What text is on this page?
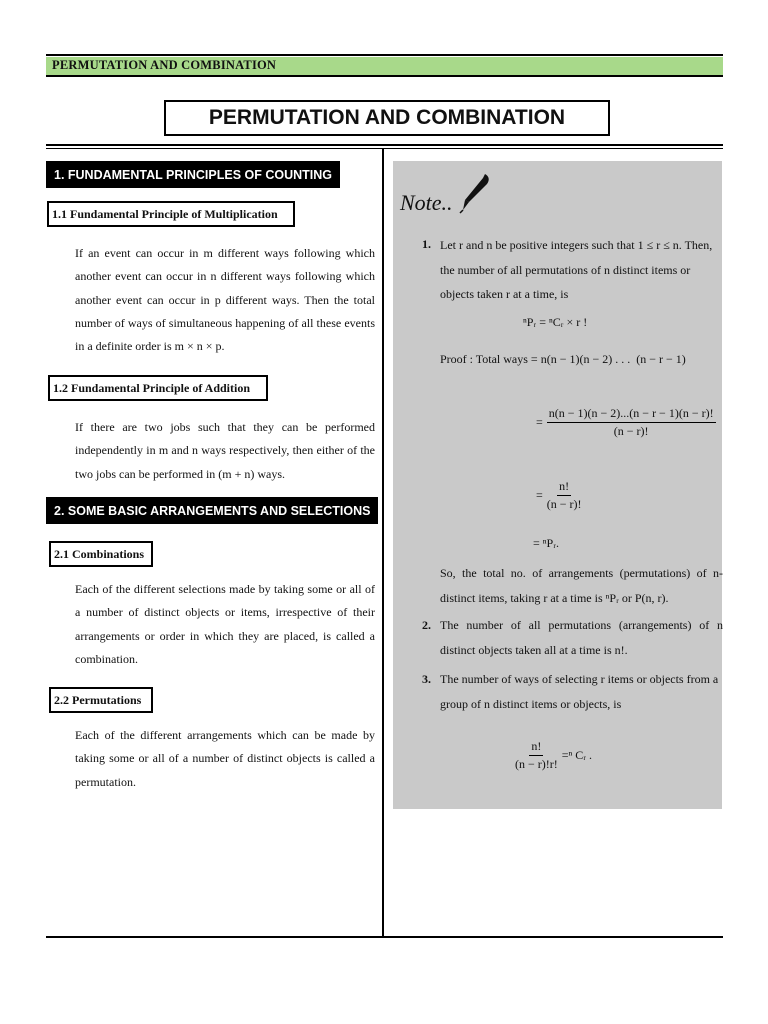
PERMUTATION AND COMBINATION
PERMUTATION AND COMBINATION
1. FUNDAMENTAL PRINCIPLES OF COUNTING
1.1 Fundamental Principle of Multiplication
If an event can occur in m different ways following which another event can occur in n different ways following which another event can occur in p different ways. Then the total number of ways of simultaneous happening of all these events in a definite order is m × n × p.
1.2 Fundamental Principle of Addition
If there are two jobs such that they can be performed independently in m and n ways respectively, then either of the two jobs can be performed in (m + n) ways.
2. SOME BASIC ARRANGEMENTS AND SELECTIONS
2.1 Combinations
Each of the different selections made by taking some or all of a number of distinct objects or items, irrespective of their arrangements or order in which they are placed, is called a combination.
2.2 Permutations
Each of the different arrangements which can be made by taking some or all of a number of distinct objects is called a permutation.
Note..
1. Let r and n be positive integers such that 1 ≤ r ≤ n. Then, the number of all permutations of n distinct items or objects taken r at a time, is
ⁿPᵣ = ⁿCᵣ × r !
Proof : Total ways = n(n − 1)(n − 2) . . . (n − r − 1)
= $\frac{n(n - 1)(n - 2)...(n - r - 1)(n - r)!}{(n - r)!}$
= $\frac{n!}{(n - r)!}$
= ⁿPᵣ.
So, the total no. of arrangements (permutations) of n-distinct items, taking r at a time is ⁿPᵣ or P(n, r).
2. The number of all permutations (arrangements) of n distinct objects taken all at a time is n!.
3. The number of ways of selecting r items or objects from a group of n distinct items or objects, is
$\frac{n!}{(n - r)!r!} =^n$ Cᵣ .
